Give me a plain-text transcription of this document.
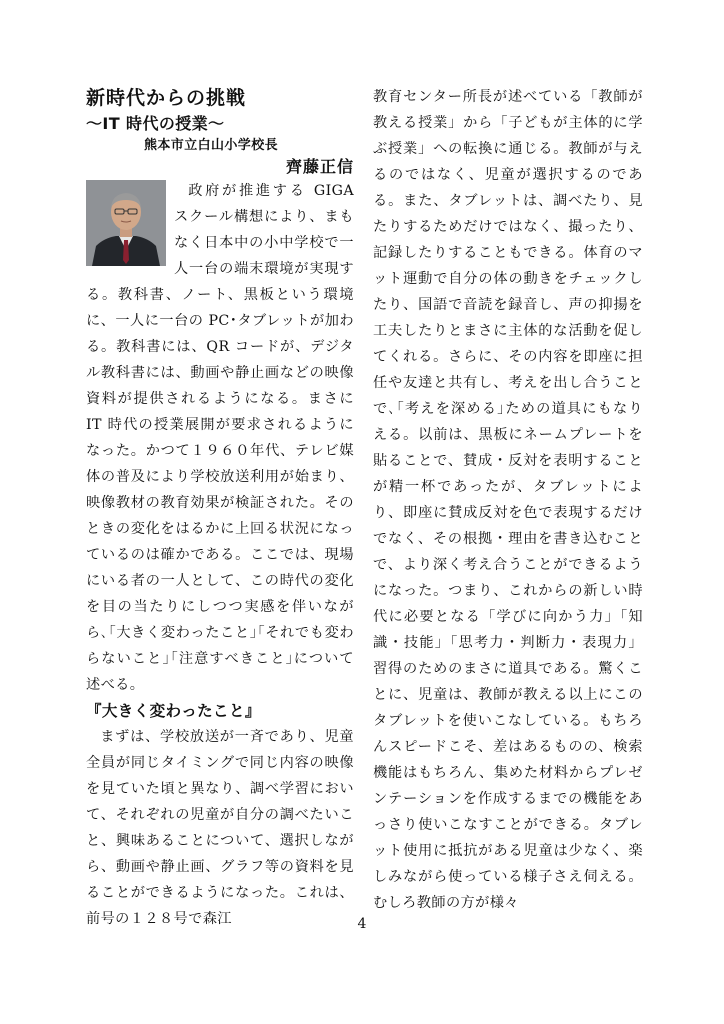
新時代からの挑戦
～IT 時代の授業～

熊本市立白山小学校長

齊藤正信

政府が推進する GIGA スクール構想により、まもなく日本中の小中学校で一人一台の端末環境が実現する。教科書、ノート、黒板という環境に、一人に一台の PC･タブレットが加わる。教科書には、QR コードが、デジタル教科書には、動画や静止画などの映像資料が提供されるようになる。まさに IT 時代の授業展開が要求されるようになった。かつて１９６０年代、テレビ媒体の普及により学校放送利用が始まり、映像教材の教育効果が検証された。そのときの変化をはるかに上回る状況になっているのは確かである。ここでは、現場にいる者の一人として、この時代の変化を目の当たりにしつつ実感を伴いながら､｢大きく変わったこと｣｢それでも変わらないこと｣｢注意すべきこと｣について述べる。

『大きく変わったこと』

まずは、学校放送が一斉であり、児童全員が同じタイミングで同じ内容の映像を見ていた頃と異なり、調べ学習において、それぞれの児童が自分の調べたいこと、興味あることについて、選択しながら、動画や静止画、グラフ等の資料を見ることができるようになった。これは、前号の１２８号で森江

教育センター所長が述べている「教師が教える授業」から「子どもが主体的に学ぶ授業」への転換に通じる。教師が与えるのではなく、児童が選択するのである。また、タブレットは、調べたり、見たりするためだけではなく、撮ったり、記録したりすることもできる。体育のマット運動で自分の体の動きをチェックしたり、国語で音読を録音し、声の抑揚を工夫したりとまさに主体的な活動を促してくれる。さらに、その内容を即座に担任や友達と共有し、考えを出し合うことで､｢考えを深める｣ための道具にもなりえる。以前は、黒板にネームプレートを貼ることで、賛成・反対を表明することが精一杯であったが、タブレットにより、即座に賛成反対を色で表現するだけでなく、その根拠・理由を書き込むことで、より深く考え合うことができるようになった。つまり、これからの新しい時代に必要となる「学びに向かう力」「知識・技能」「思考力・判断力・表現力」習得のためのまさに道具である。驚くことに、児童は、教師が教える以上にこのタブレットを使いこなしている。もちろんスピードこそ、差はあるものの、検索機能はもちろん、集めた材料からプレゼンテーションを作成するまでの機能をあっさり使いこなすことができる。タブレット使用に抵抗がある児童は少なく、楽しみながら使っている様子さえ伺える。むしろ教師の方が様々

4
